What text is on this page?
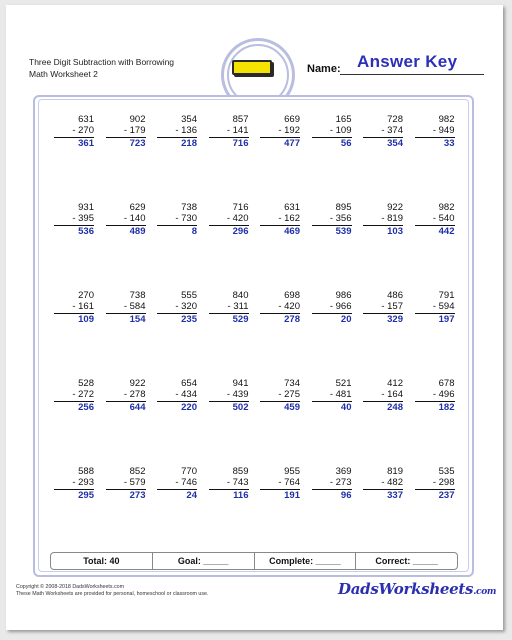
Three Digit Subtraction with Borrowing
Math Worksheet 2	Name: Answer Key
631
- 270
361
902
- 179
723
354
- 136
218
857
- 141
716
669
- 192
477
165
- 109
56
728
- 374
354
982
- 949
33
931
- 395
536
629
- 140
489
738
- 730
8
716
- 420
296
631
- 162
469
895
- 356
539
922
- 819
103
982
- 540
442
270
- 161
109
738
- 584
154
555
- 320
235
840
- 311
529
698
- 420
278
986
- 966
20
486
- 157
329
791
- 594
197
528
- 272
256
922
- 278
644
654
- 434
220
941
- 439
502
734
- 275
459
521
- 481
40
412
- 164
248
678
- 496
182
588
- 293
295
852
- 579
273
770
- 746
24
859
- 743
116
955
- 764
191
369
- 273
96
819
- 482
337
535
- 298
237
Total: 40	Goal: _____	Complete: _____	Correct: _____
Copyright © 2008-2018 DadsWorksheets.com
These Math Worksheets are provided for personal, homeschool or classroom use.	DadsWorksheets.com
